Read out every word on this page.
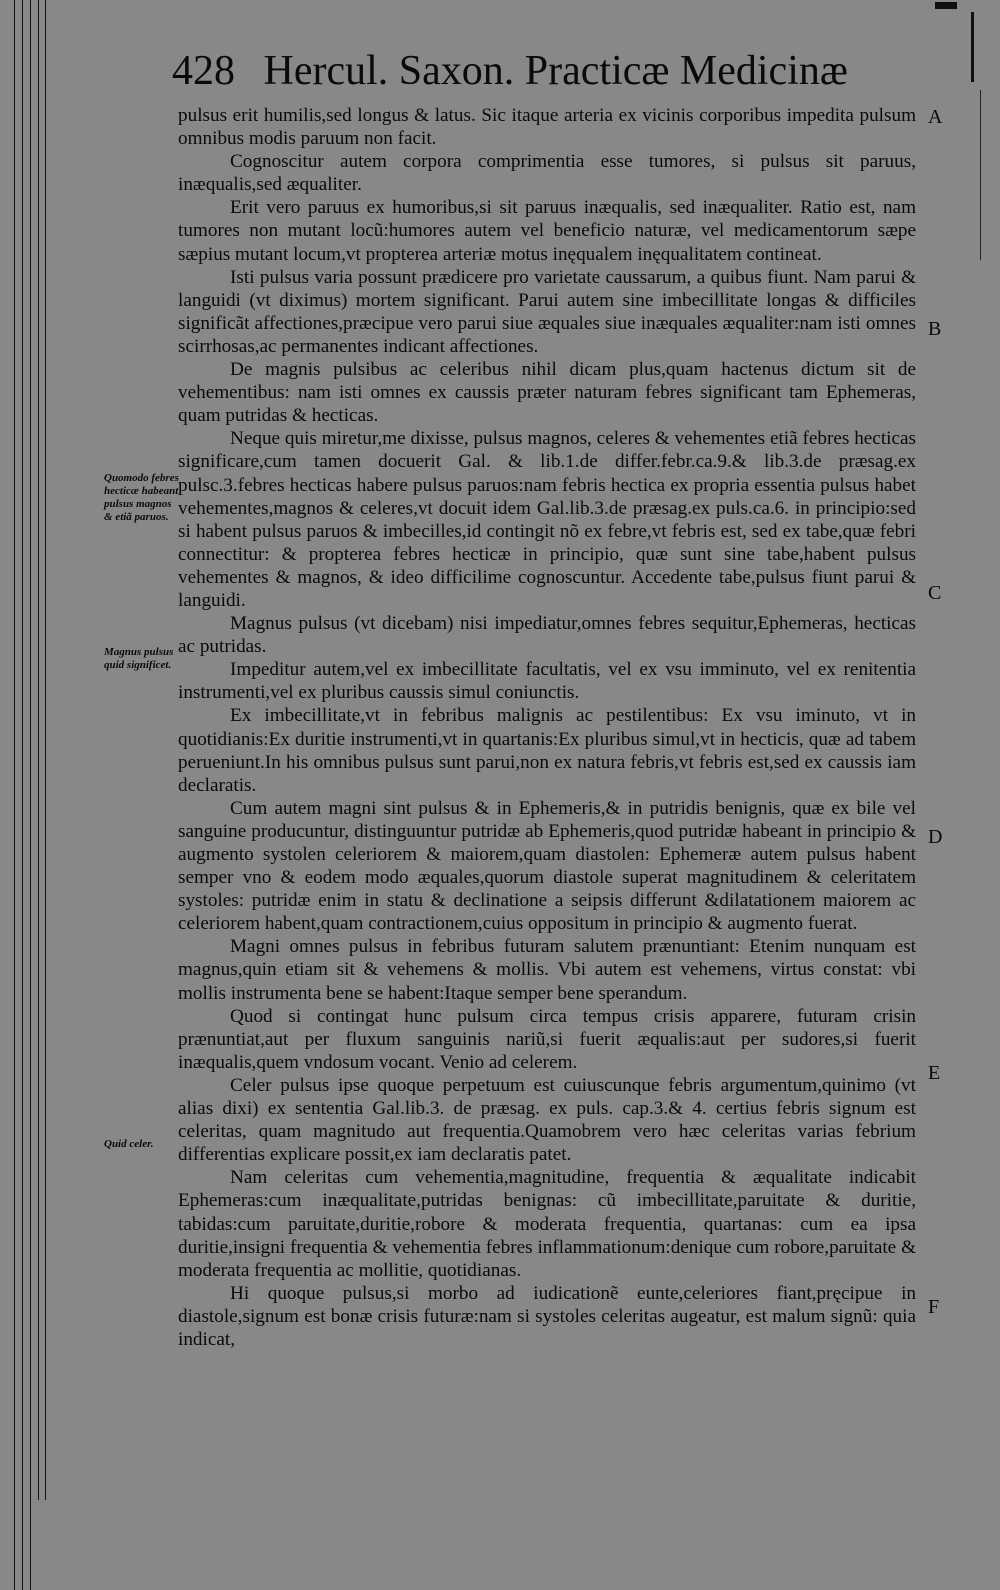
428 Hercul. Saxon. Practicæ Medicinæ
A
B
C
D
E
F
Quomodo febres hecticæ habeant pulsus magnos & etiã paruos.
Magnus pulsus quid significet.
Quid celer.

pulsus erit humilis,sed longus & latus. Sic itaque arteria ex vicinis corporibus impedita pulsum omnibus modis paruum non facit.

Cognoscitur autem corpora comprimentia esse tumores, si pulsus sit paruus, inæqualis,sed æqualiter.

Erit vero paruus ex humoribus,si sit paruus inæqualis, sed inæqualiter. Ratio est, nam tumores non mutant locũ:humores autem vel beneficio naturæ, vel medicamentorum sæpe sæpius mutant locum,vt propterea arteriæ motus inęqualem inęqualitatem contineat.

Isti pulsus varia possunt prædicere pro varietate caussarum, a quibus fiunt. Nam parui & languidi (vt diximus) mortem significant. Parui autem sine imbecillitate longas & difficiles significãt affectiones,præcipue vero parui siue æquales siue inæquales æqualiter:nam isti omnes scirrhosas,ac permanentes indicant affectiones.

De magnis pulsibus ac celeribus nihil dicam plus,quam hactenus dictum sit de vehementibus: nam isti omnes ex caussis præter naturam febres significant tam Ephemeras, quam putridas & hecticas.

Neque quis miretur,me dixisse, pulsus magnos, celeres & vehementes etiã febres hecticas significare,cum tamen docuerit Gal. & lib.1.de differ.febr.ca.9.& lib.3.de præsag.ex pulsc.3.febres hecticas habere pulsus paruos:nam febris hectica ex propria essentia pulsus habet vehementes,magnos & celeres,vt docuit idem Gal.lib.3.de præsag.ex puls.ca.6. in principio:sed si habent pulsus paruos & imbecilles,id contingit nõ ex febre,vt febris est, sed ex tabe,quæ febri connectitur: & propterea febres hecticæ in principio, quæ sunt sine tabe,habent pulsus vehementes & magnos, & ideo difficilime cognoscuntur. Accedente tabe,pulsus fiunt parui & languidi.

Magnus pulsus (vt dicebam) nisi impediatur,omnes febres sequitur,Ephemeras, hecticas ac putridas.

Impeditur autem,vel ex imbecillitate facultatis, vel ex vsu imminuto, vel ex renitentia instrumenti,vel ex pluribus caussis simul coniunctis.

Ex imbecillitate,vt in febribus malignis ac pestilentibus: Ex vsu iminuto, vt in quotidianis:Ex duritie instrumenti,vt in quartanis:Ex pluribus simul,vt in hecticis, quæ ad tabem perueniunt.In his omnibus pulsus sunt parui,non ex natura febris,vt febris est,sed ex caussis iam declaratis.

Cum autem magni sint pulsus & in Ephemeris,& in putridis benignis, quæ ex bile vel sanguine producuntur, distinguuntur putridæ ab Ephemeris,quod putridæ habeant in principio & augmento systolen celeriorem & maiorem,quam diastolen: Ephemeræ autem pulsus habent semper vno & eodem modo æquales,quorum diastole superat magnitudinem & celeritatem systoles: putridæ enim in statu & declinatione a seipsis differunt &dilatationem maiorem ac celeriorem habent,quam contractionem,cuius oppositum in principio & augmento fuerat.

Magni omnes pulsus in febribus futuram salutem prænuntiant: Etenim nunquam est magnus,quin etiam sit & vehemens & mollis. Vbi autem est vehemens, virtus constat: vbi mollis instrumenta bene se habent:Itaque semper bene sperandum.

Quod si contingat hunc pulsum circa tempus crisis apparere, futuram crisin prænuntiat,aut per fluxum sanguinis nariũ,si fuerit æqualis:aut per sudores,si fuerit inæqualis,quem vndosum vocant. Venio ad celerem.

Celer pulsus ipse quoque perpetuum est cuiuscunque febris argumentum,quinimo (vt alias dixi) ex sententia Gal.lib.3. de præsag. ex puls. cap.3.& 4. certius febris signum est celeritas, quam magnitudo aut frequentia.Quamobrem vero hæc celeritas varias febrium differentias explicare possit,ex iam declaratis patet.

Nam celeritas cum vehementia,magnitudine, frequentia & æqualitate indicabit Ephemeras:cum inæqualitate,putridas benignas: cũ imbecillitate,paruitate & duritie, tabidas:cum paruitate,duritie,robore & moderata frequentia, quartanas: cum ea ipsa duritie,insigni frequentia & vehementia febres inflammationum:denique cum robore,paruitate & moderata frequentia ac mollitie, quotidianas.

Hi quoque pulsus,si morbo ad iudicationẽ eunte,celeriores fiant,pręcipue in diastole,signum est bonæ crisis futuræ:nam si systoles celeritas augeatur, est malum signũ: quia indicat,
